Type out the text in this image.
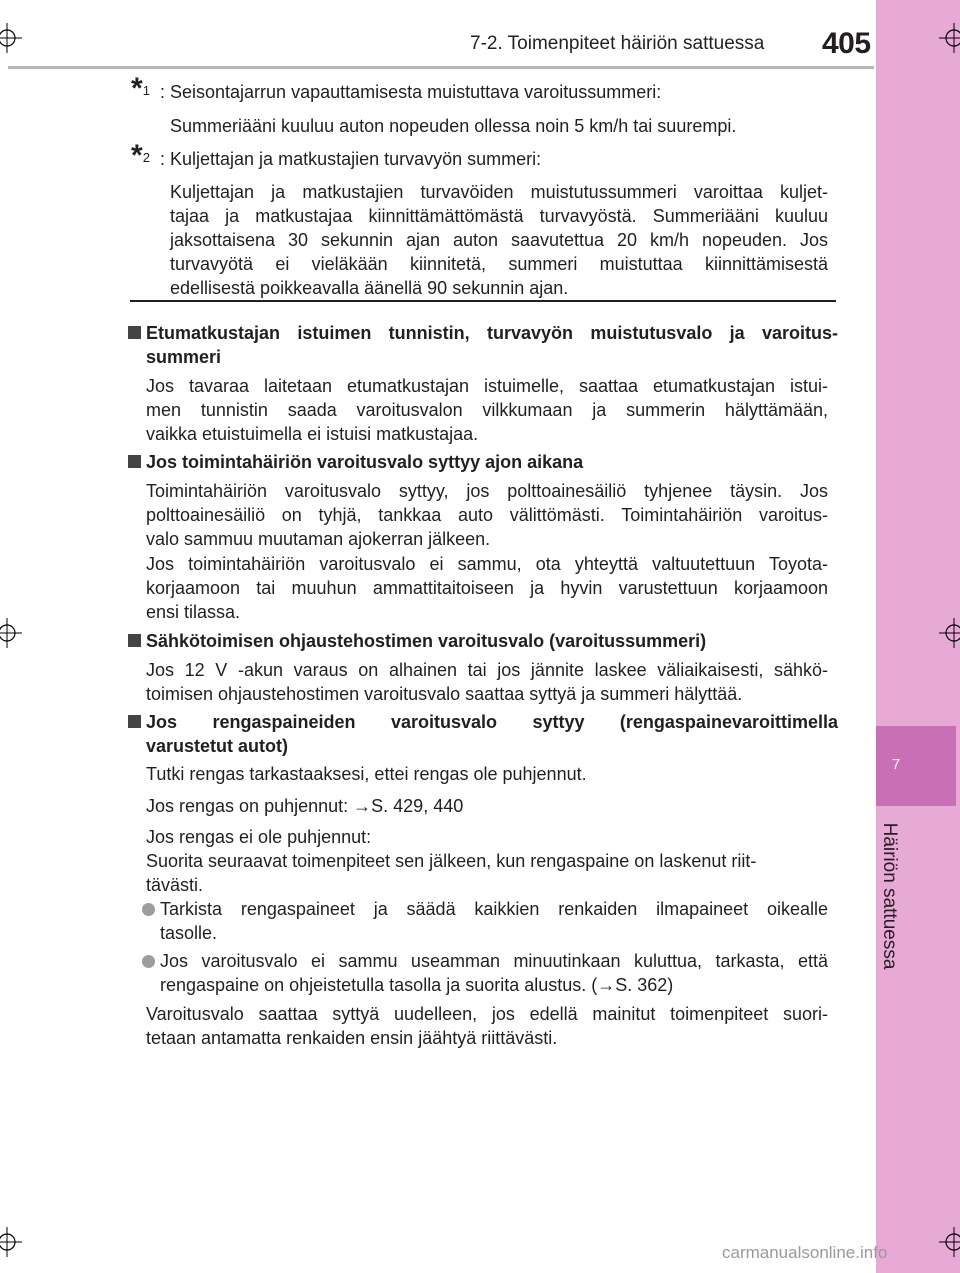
7
Häiriön sattuessa
7-2. Toimenpiteet häiriön sattuessa 405
*$^1$ : Seisontajarrun vapauttamisesta muistuttava varoitussummeri:
Summeriääni kuuluu auton nopeuden ollessa noin 5 km/h tai suurempi.
*$^2$ : Kuljettajan ja matkustajien turvavyön summeri:
Kuljettajan ja matkustajien turvavöiden muistutussummeri varoittaa kuljet-
tajaa ja matkustajaa kiinnittämättömästä turvavyöstä. Summeriääni kuuluu
jaksottaisena 30 sekunnin ajan auton saavutettua 20 km/h nopeuden. Jos
turvavyötä ei vieläkään kiinnitetä, summeri muistuttaa kiinnittämisestä
edellisestä poikkeavalla äänellä 90 sekunnin ajan.
Etumatkustajan istuimen tunnistin, turvavyön muistutusvalo ja varoitus-
summeri
Jos tavaraa laitetaan etumatkustajan istuimelle, saattaa etumatkustajan istui-
men tunnistin saada varoitusvalon vilkkumaan ja summerin hälyttämään,
vaikka etuistuimella ei istuisi matkustajaa.
Jos toimintahäiriön varoitusvalo syttyy ajon aikana
Toimintahäiriön varoitusvalo syttyy, jos polttoainesäiliö tyhjenee täysin. Jos
polttoainesäiliö on tyhjä, tankkaa auto välittömästi. Toimintahäiriön varoitus-
valo sammuu muutaman ajokerran jälkeen.
Jos toimintahäiriön varoitusvalo ei sammu, ota yhteyttä valtuutettuun Toyota-
korjaamoon tai muuhun ammattitaitoiseen ja hyvin varustettuun korjaamoon
ensi tilassa.
Sähkötoimisen ohjaustehostimen varoitusvalo (varoitussummeri)
Jos 12 V -akun varaus on alhainen tai jos jännite laskee väliaikaisesti, sähkö-
toimisen ohjaustehostimen varoitusvalo saattaa syttyä ja summeri hälyttää.
Jos rengaspaineiden varoitusvalo syttyy (rengaspainevaroittimella
varustetut autot)
Tutki rengas tarkastaaksesi, ettei rengas ole puhjennut.
Jos rengas on puhjennut: →S. 429, 440
Jos rengas ei ole puhjennut:
Suorita seuraavat toimenpiteet sen jälkeen, kun rengaspaine on laskenut riit-
tävästi.
Tarkista rengaspaineet ja säädä kaikkien renkaiden ilmapaineet oikealle
tasolle.
Jos varoitusvalo ei sammu useamman minuutinkaan kuluttua, tarkasta, että
rengaspaine on ohjeistetulla tasolla ja suorita alustus. (→S. 362)
Varoitusvalo saattaa syttyä uudelleen, jos edellä mainitut toimenpiteet suori-
tetaan antamatta renkaiden ensin jäähtyä riittävästi.
carmanualsonline.info
